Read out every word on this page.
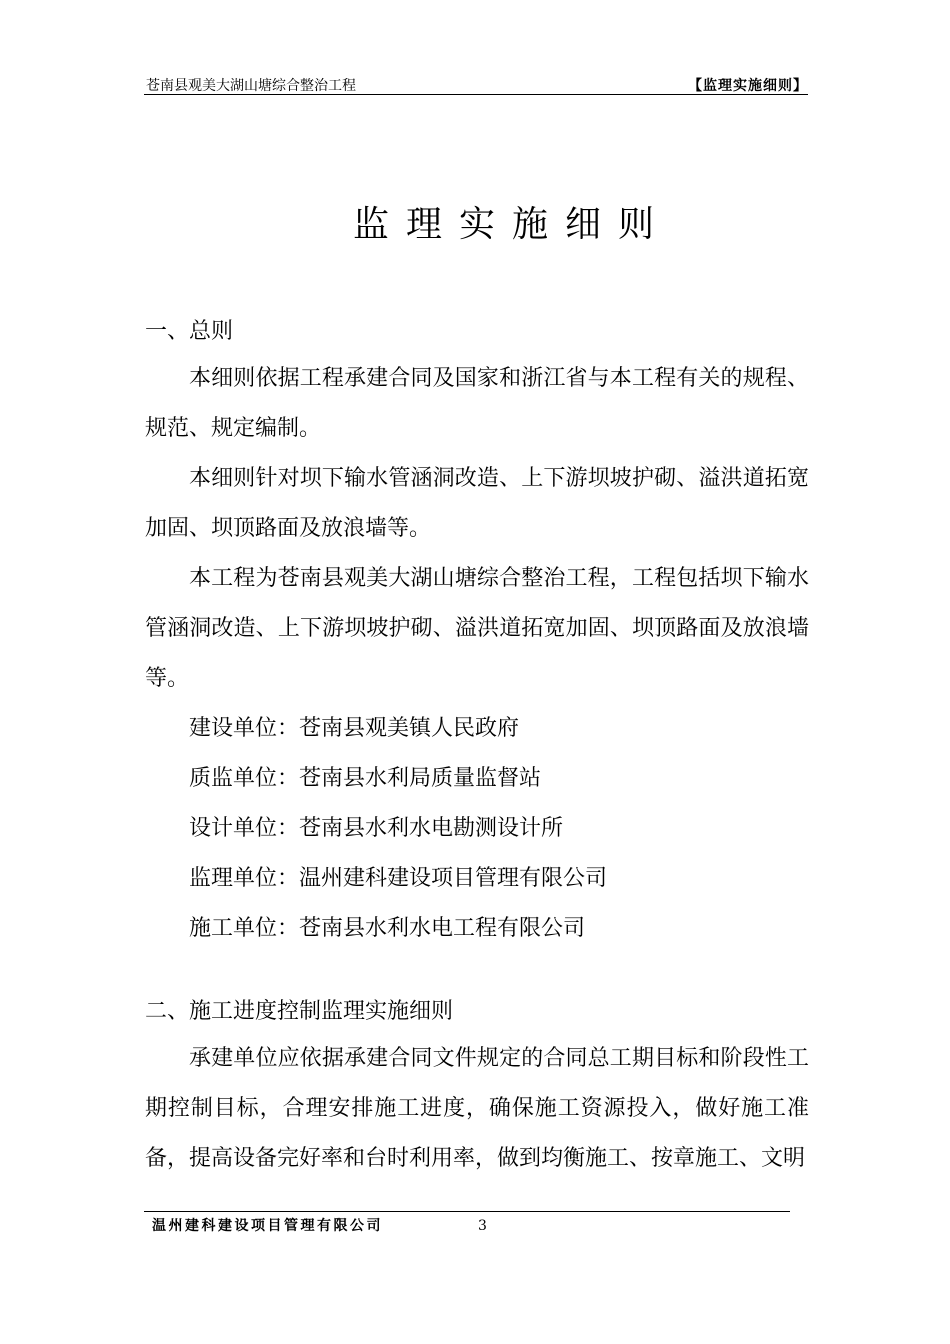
苍南县观美大湖山塘综合整治工程	【监理实施细则】
监理实施细则
一、总则
本细则依据工程承建合同及国家和浙江省与本工程有关的规程、规范、规定编制。
本细则针对坝下输水管涵洞改造、上下游坝坡护砌、溢洪道拓宽加固、坝顶路面及放浪墙等。
本工程为苍南县观美大湖山塘综合整治工程，工程包括坝下输水管涵洞改造、上下游坝坡护砌、溢洪道拓宽加固、坝顶路面及放浪墙等。
建设单位：苍南县观美镇人民政府
质监单位：苍南县水利局质量监督站
设计单位：苍南县水利水电勘测设计所
监理单位：温州建科建设项目管理有限公司
施工单位：苍南县水利水电工程有限公司
二、施工进度控制监理实施细则
承建单位应依据承建合同文件规定的合同总工期目标和阶段性工期控制目标，合理安排施工进度，确保施工资源投入，做好施工准备，提高设备完好率和台时利用率，做到均衡施工、按章施工、文明
温州建科建设项目管理有限公司	3
